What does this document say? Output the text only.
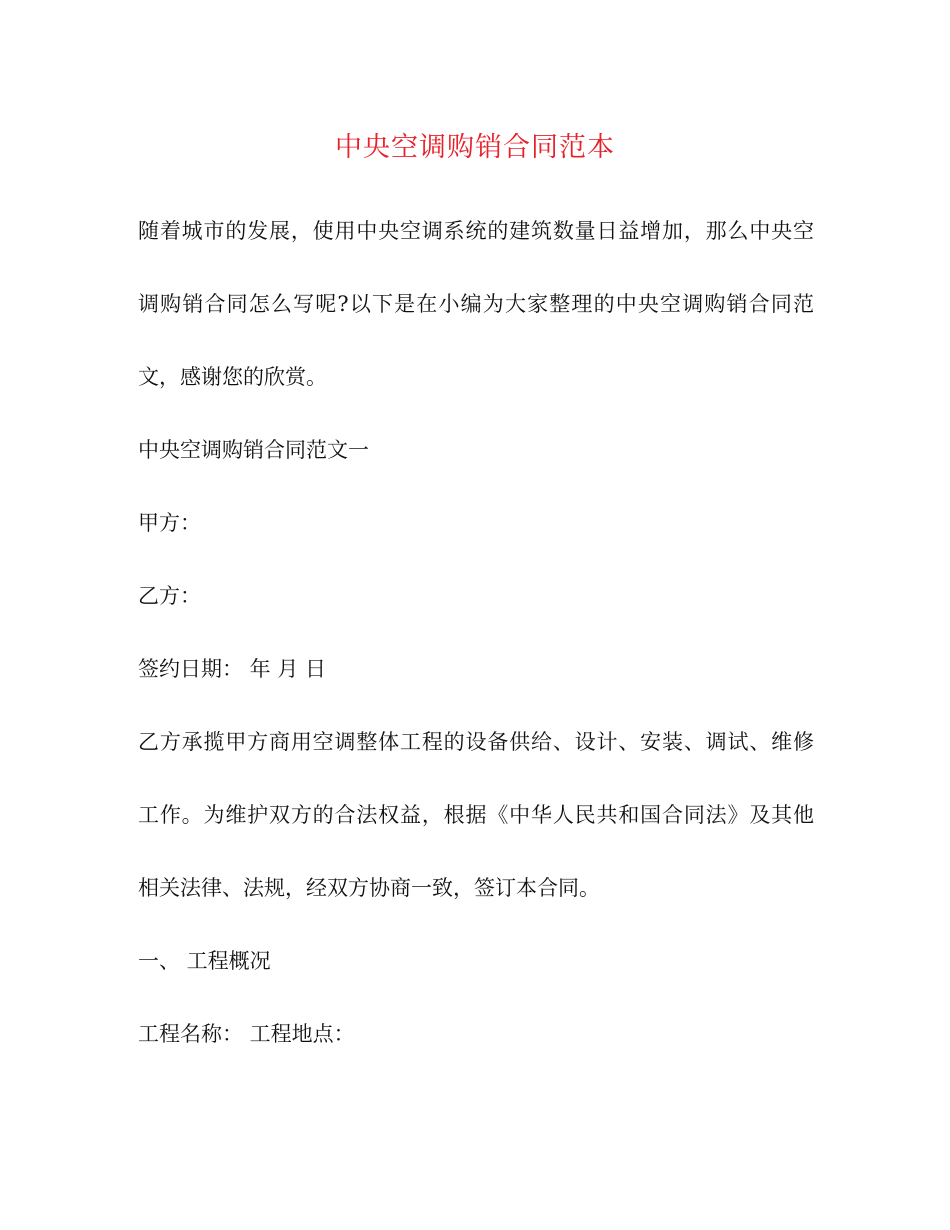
中央空调购销合同范本
随着城市的发展，使用中央空调系统的建筑数量日益增加，那么中央空
调购销合同怎么写呢?以下是在小编为大家整理的中央空调购销合同范
文，感谢您的欣赏。
中央空调购销合同范文一
甲方：
乙方：
签约日期： 年 月 日
乙方承揽甲方商用空调整体工程的设备供给、设计、安装、调试、维修
工作。为维护双方的合法权益，根据《中华人民共和国合同法》及其他
相关法律、法规，经双方协商一致，签订本合同。
一、 工程概况
工程名称： 工程地点：
